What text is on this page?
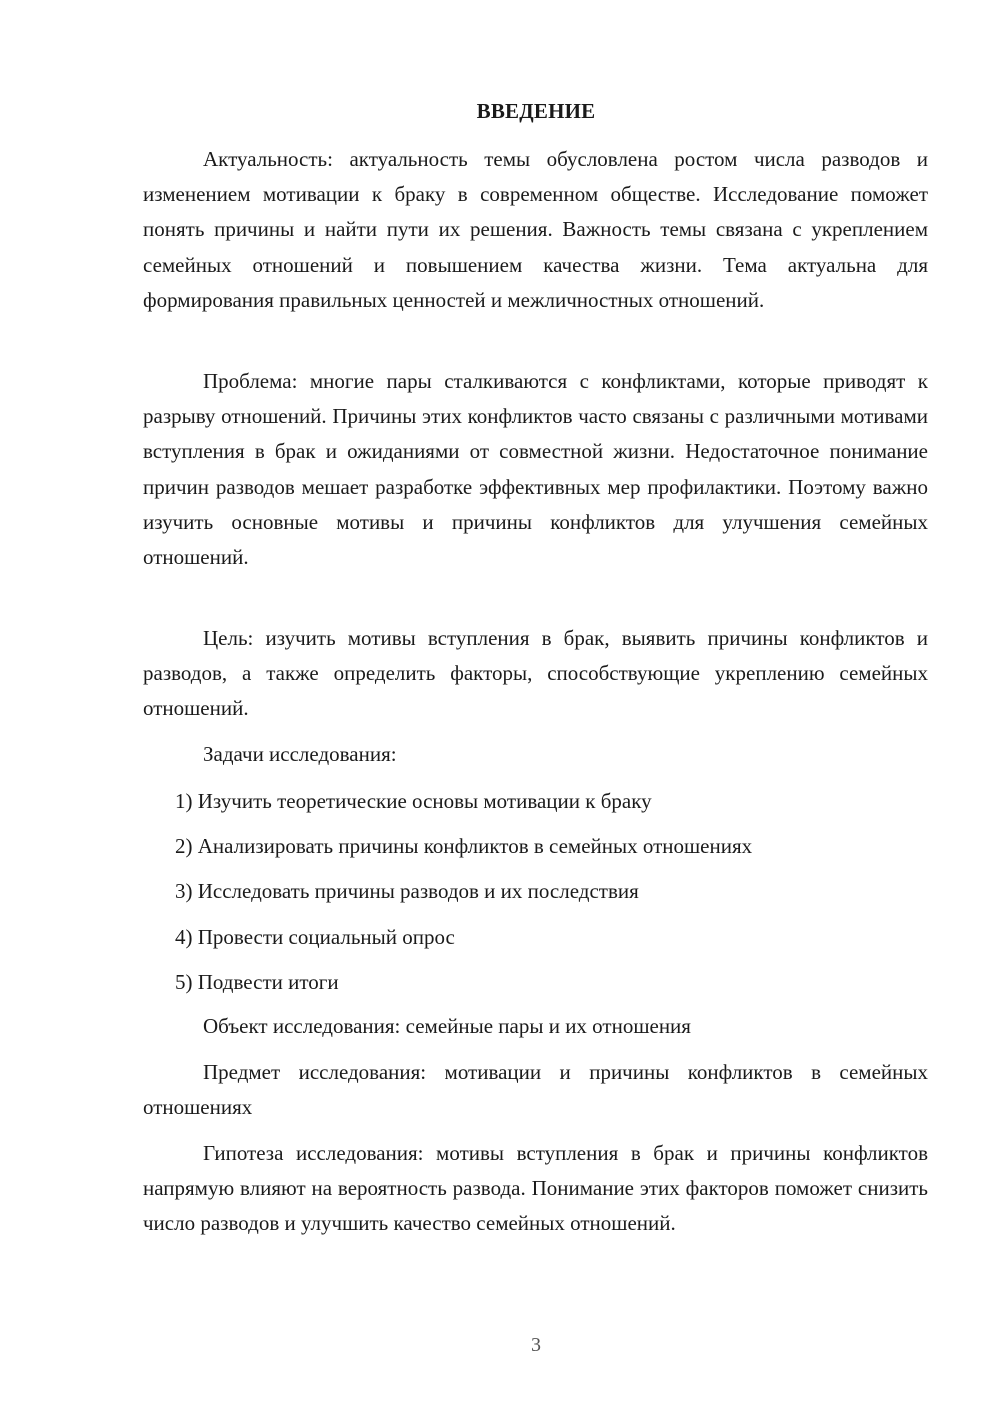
ВВЕДЕНИЕ

Актуальность: актуальность темы обусловлена ростом числа разводов и изменением мотивации к браку в современном обществе. Исследование поможет понять причины и найти пути их решения. Важность темы связана с укреплением семейных отношений и повышением качества жизни. Тема актуальна для формирования правильных ценностей и межличностных отношений.

Проблема: многие пары сталкиваются с конфликтами, которые приводят к разрыву отношений. Причины этих конфликтов часто связаны с различными мотивами вступления в брак и ожиданиями от совместной жизни. Недостаточное понимание причин разводов мешает разработке эффективных мер профилактики. Поэтому важно изучить основные мотивы и причины конфликтов для улучшения семейных отношений.

Цель: изучить мотивы вступления в брак, выявить причины конфликтов и разводов, а также определить факторы, способствующие укреплению семейных отношений.

Задачи исследования:

1) Изучить теоретические основы мотивации к браку
2) Анализировать причины конфликтов в семейных отношениях
3) Исследовать причины разводов и их последствия
4) Провести социальный опрос
5) Подвести итоги

Объект исследования: семейные пары и их отношения

Предмет исследования: мотивации и причины конфликтов в семейных отношениях

Гипотеза исследования: мотивы вступления в брак и причины конфликтов напрямую влияют на вероятность развода. Понимание этих факторов поможет снизить число разводов и улучшить качество семейных отношений.

3
